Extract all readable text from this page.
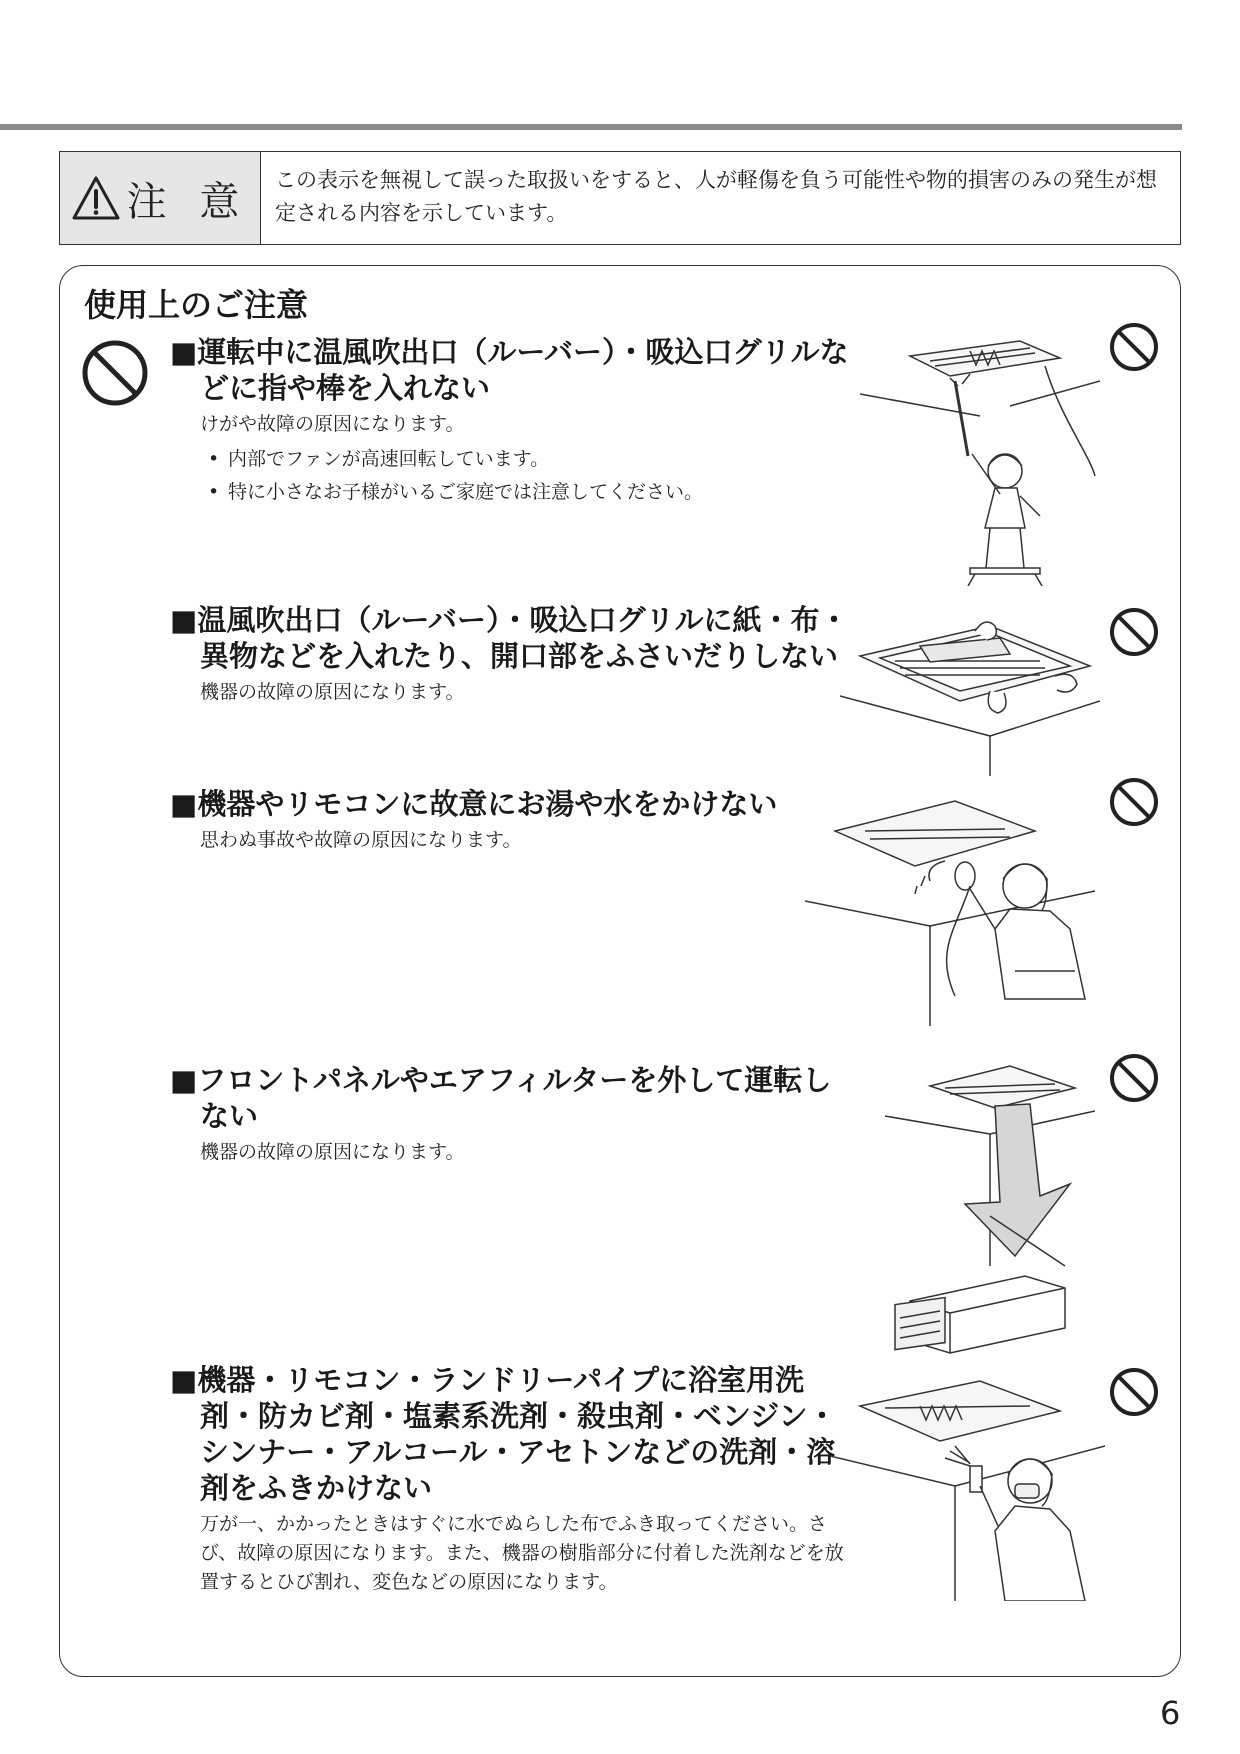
注 意	この表示を無視して誤った取扱いをすると、人が軽傷を負う可能性や物的損害のみの発生が想定される内容を示しています。
使用上のご注意
■運転中に温風吹出口（ルーバー）・吸込口グリルなどに指や棒を入れない
けがや故障の原因になります。
• 内部でファンが高速回転しています。
• 特に小さなお子様がいるご家庭では注意してください。
■温風吹出口（ルーバー）・吸込口グリルに紙・布・異物などを入れたり、開口部をふさいだりしない
機器の故障の原因になります。
■機器やリモコンに故意にお湯や水をかけない
思わぬ事故や故障の原因になります。
■フロントパネルやエアフィルターを外して運転しない
機器の故障の原因になります。
■機器・リモコン・ランドリーパイプに浴室用洗剤・防カビ剤・塩素系洗剤・殺虫剤・ベンジン・シンナー・アルコール・アセトンなどの洗剤・溶剤をふきかけない
万が一、かかったときはすぐに水でぬらした布でふき取ってください。さび、故障の原因になります。また、機器の樹脂部分に付着した洗剤などを放置するとひび割れ、変色などの原因になります。
6
